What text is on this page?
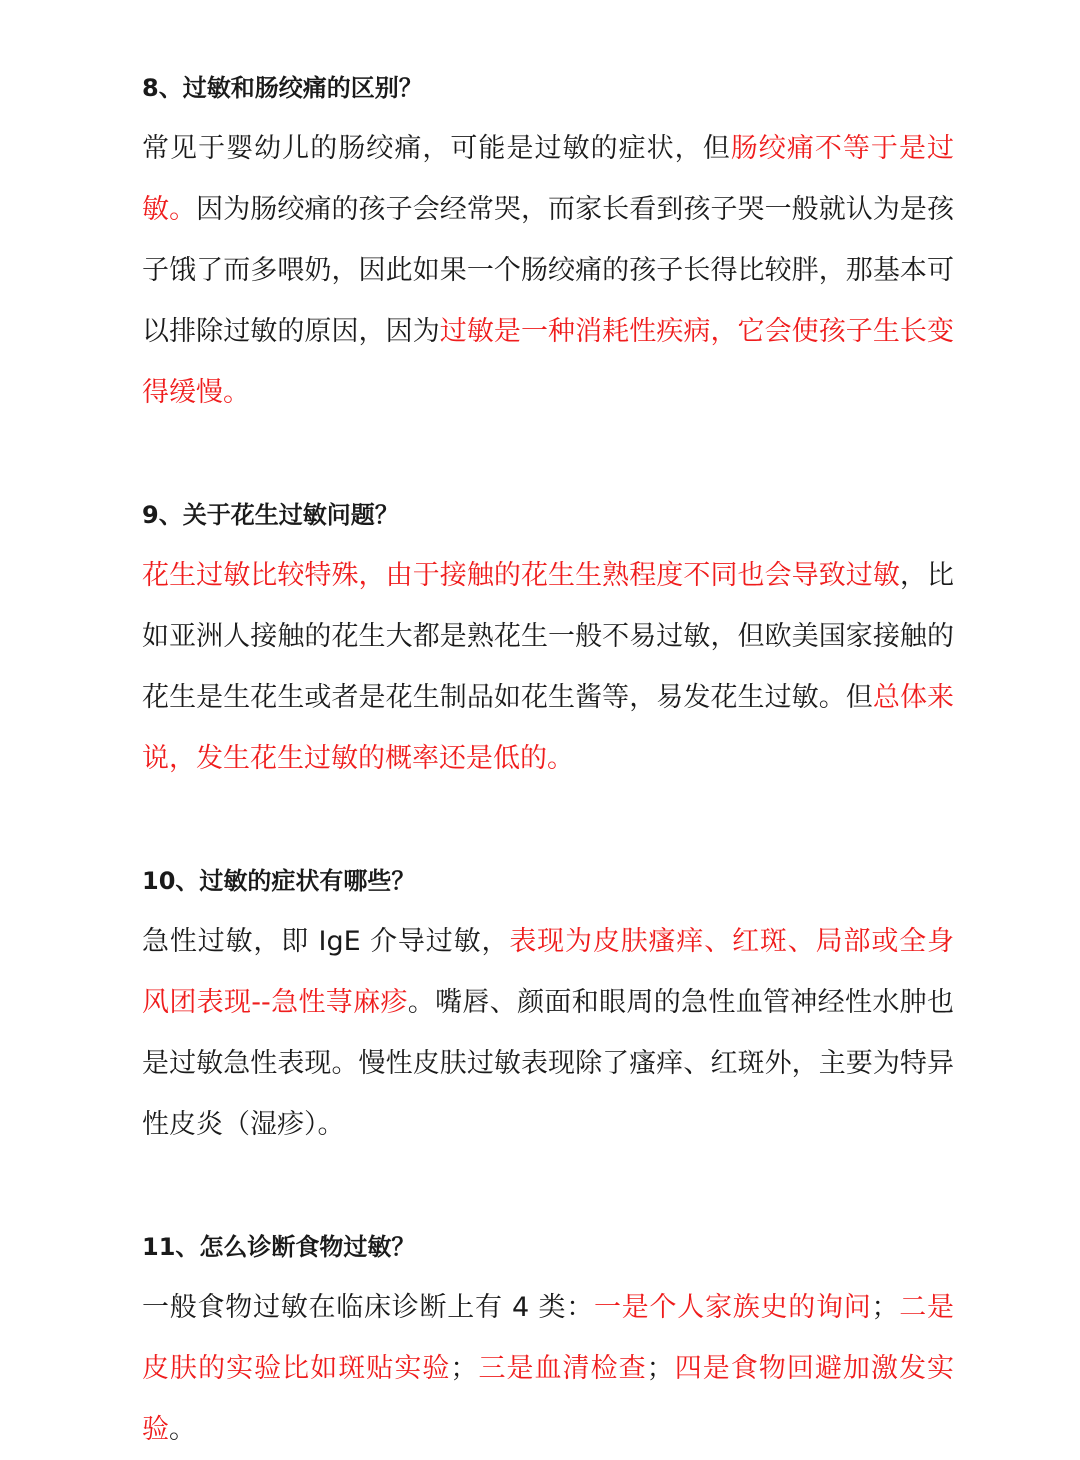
8、过敏和肠绞痛的区别？

常见于婴幼儿的肠绞痛，可能是过敏的症状，但肠绞痛不等于是过敏。因为肠绞痛的孩子会经常哭，而家长看到孩子哭一般就认为是孩子饿了而多喂奶，因此如果一个肠绞痛的孩子长得比较胖，那基本可以排除过敏的原因，因为过敏是一种消耗性疾病，它会使孩子生长变得缓慢。

9、关于花生过敏问题？

花生过敏比较特殊，由于接触的花生生熟程度不同也会导致过敏，比如亚洲人接触的花生大都是熟花生一般不易过敏，但欧美国家接触的花生是生花生或者是花生制品如花生酱等，易发花生过敏。但总体来说，发生花生过敏的概率还是低的。

10、过敏的症状有哪些？

急性过敏，即 IgE 介导过敏，表现为皮肤瘙痒、红斑、局部或全身风团表现--急性荨麻疹。嘴唇、颜面和眼周的急性血管神经性水肿也是过敏急性表现。慢性皮肤过敏表现除了瘙痒、红斑外，主要为特异性皮炎（湿疹）。

11、怎么诊断食物过敏？

一般食物过敏在临床诊断上有 4 类：一是个人家族史的询问；二是皮肤的实验比如斑贴实验；三是血清检查；四是食物回避加激发实验。
